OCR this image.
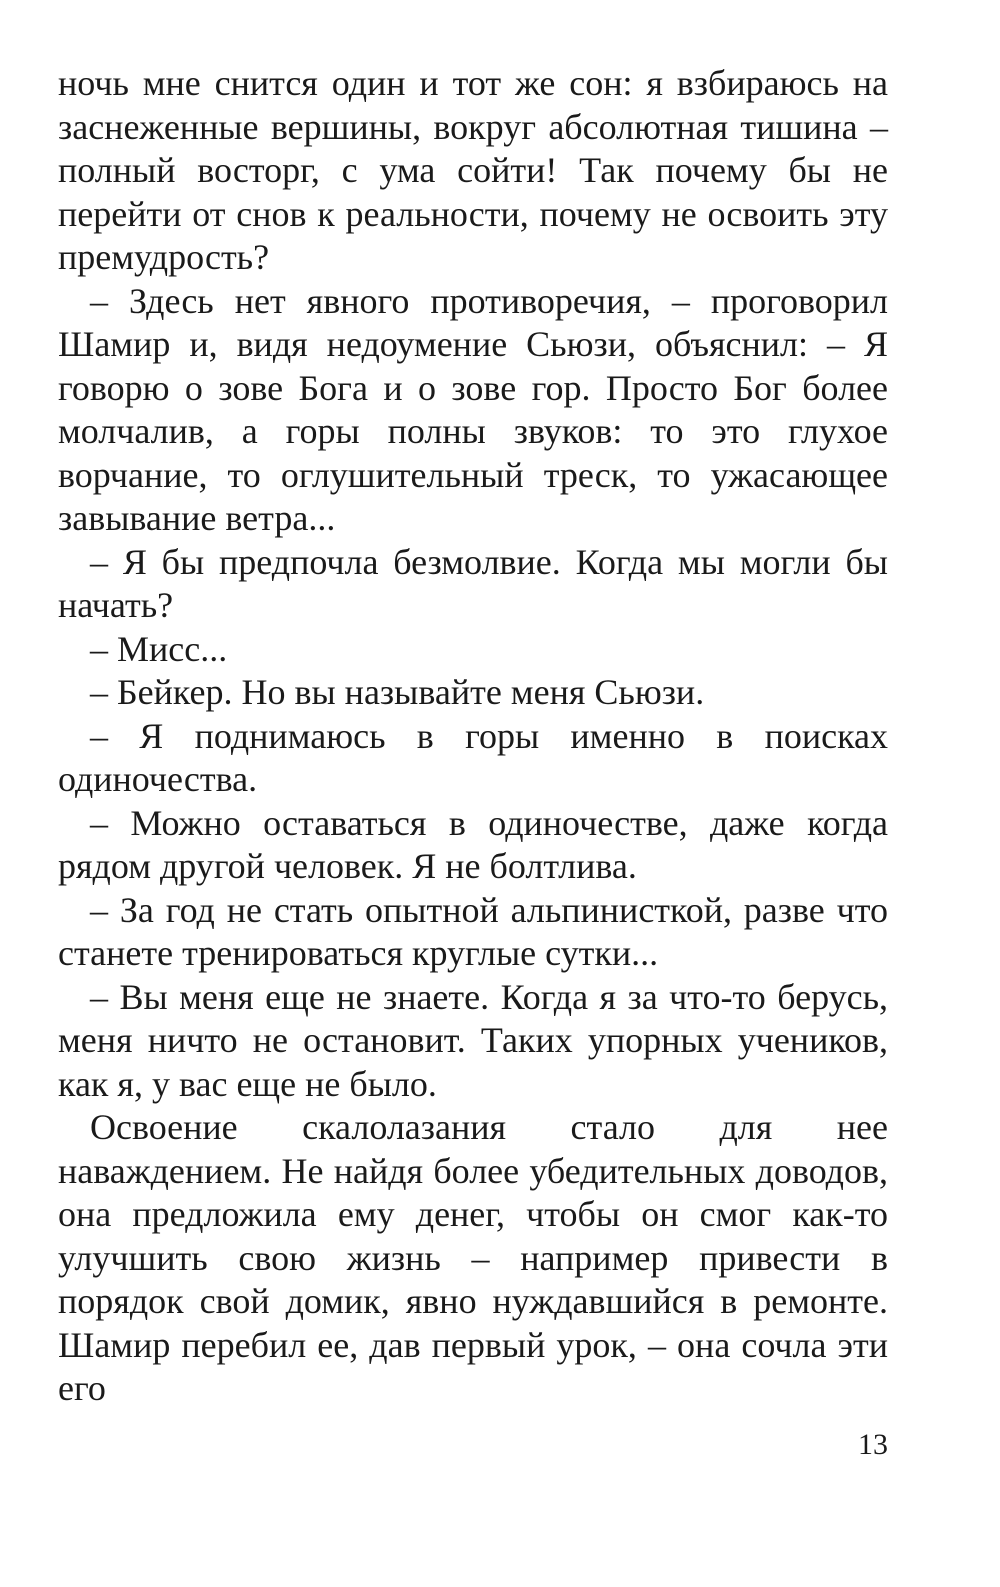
ночь мне снится один и тот же сон: я взбираюсь на заснеженные вершины, вокруг абсолютная тишина – полный восторг, с ума сойти! Так почему бы не перейти от снов к реальности, почему не освоить эту премудрость?

– Здесь нет явного противоречия, – проговорил Шамир и, видя недоумение Сьюзи, объяснил: – Я говорю о зове Бога и о зове гор. Просто Бог более молчалив, а горы полны звуков: то это глухое ворчание, то оглушительный треск, то ужасающее завывание ветра...

– Я бы предпочла безмолвие. Когда мы могли бы начать?

– Мисс...

– Бейкер. Но вы называйте меня Сьюзи.

– Я поднимаюсь в горы именно в поисках одиночества.

– Можно оставаться в одиночестве, даже когда рядом другой человек. Я не болтлива.

– За год не стать опытной альпинисткой, разве что станете тренироваться круглые сутки...

– Вы меня еще не знаете. Когда я за что-то берусь, меня ничто не остановит. Таких упорных учеников, как я, у вас еще не было.

Освоение скалолазания стало для нее наваждением. Не найдя более убедительных доводов, она предложила ему денег, чтобы он смог как-то улучшить свою жизнь – например привести в порядок свой домик, явно нуждавшийся в ремонте. Шамир перебил ее, дав первый урок, – она сочла эти его

13
